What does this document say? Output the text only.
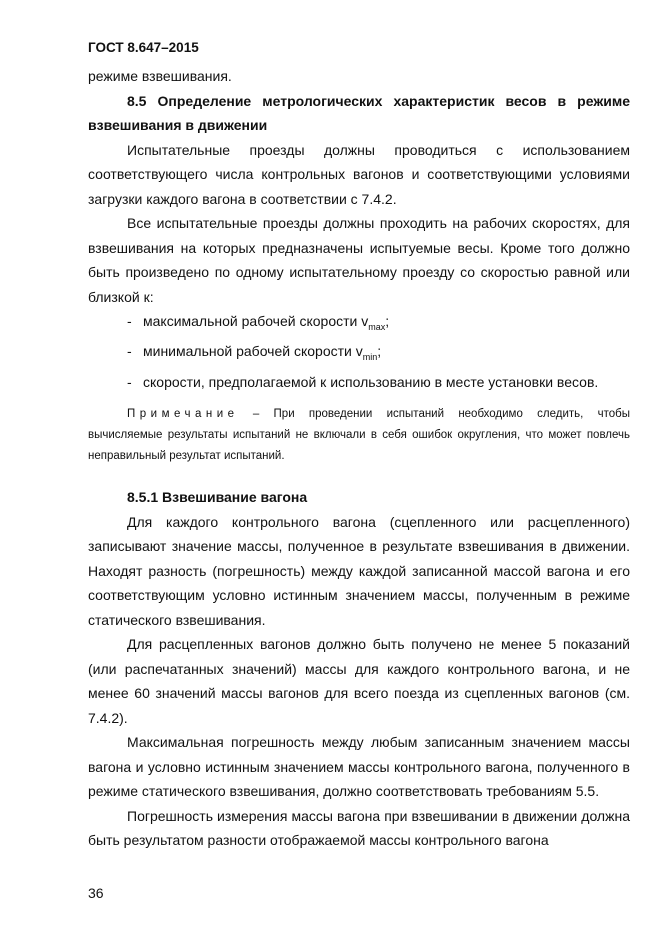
ГОСТ 8.647–2015

режиме взвешивания.

8.5 Определение метрологических характеристик весов в режиме взвешивания в движении

Испытательные проезды должны проводиться с использованием соответствующего числа контрольных вагонов и соответствующими условиями загрузки каждого вагона в соответствии с 7.4.2.

Все испытательные проезды должны проходить на рабочих скоростях, для взвешивания на которых предназначены испытуемые весы. Кроме того должно быть произведено по одному испытательному проезду со скоростью равной или близкой к:

- максимальной рабочей скорости $v_{max}$;
- минимальной рабочей скорости $v_{min}$;
- скорости, предполагаемой к использованию в месте установки весов.

Примечание – При проведении испытаний необходимо следить, чтобы вычисляемые результаты испытаний не включали в себя ошибок округления, что может повлечь неправильный результат испытаний.

8.5.1 Взвешивание вагона

Для каждого контрольного вагона (сцепленного или расцепленного) записывают значение массы, полученное в результате взвешивания в движении. Находят разность (погрешность) между каждой записанной массой вагона и его соответствующим условно истинным значением массы, полученным в режиме статического взвешивания.

Для расцепленных вагонов должно быть получено не менее 5 показаний (или распечатанных значений) массы для каждого контрольного вагона, и не менее 60 значений массы вагонов для всего поезда из сцепленных вагонов (см. 7.4.2).

Максимальная погрешность между любым записанным значением массы вагона и условно истинным значением массы контрольного вагона, полученного в режиме статического взвешивания, должно соответствовать требованиям 5.5.

Погрешность измерения массы вагона при взвешивании в движении должна быть результатом разности отображаемой массы контрольного вагона

36
